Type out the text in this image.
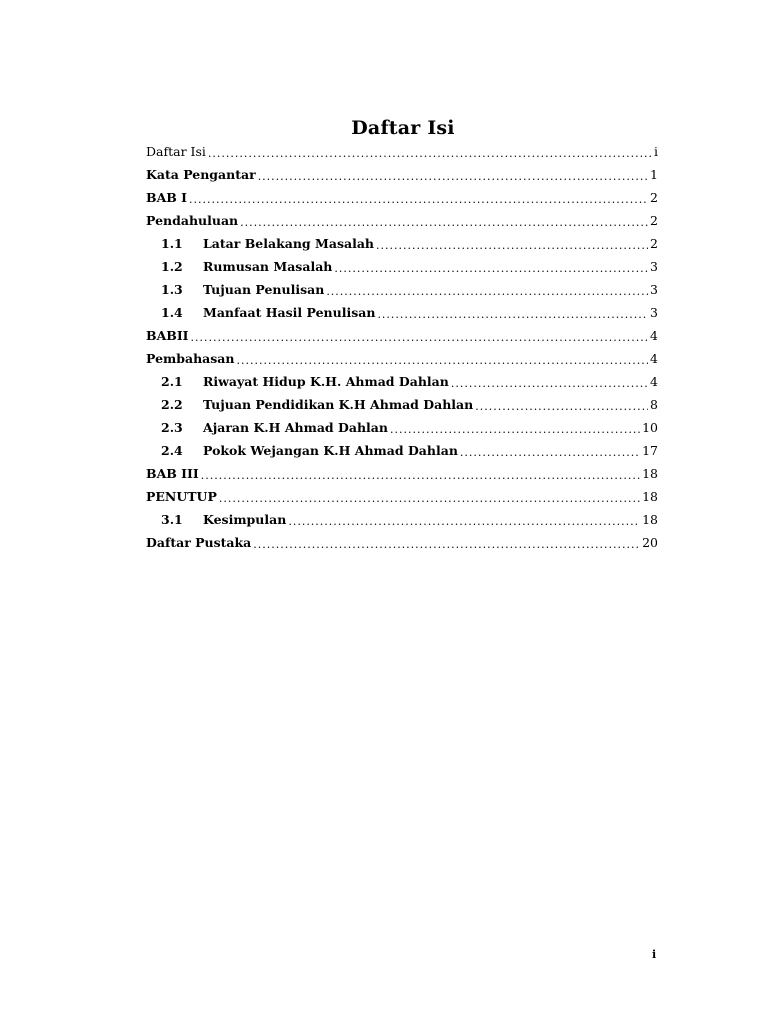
Daftar Isi
Daftar Isi .....	i
Kata Pengantar .....	1
BAB I .....	2
Pendahuluan .....	2
1.1	Latar Belakang Masalah .....	2
1.2	Rumusan Masalah .....	3
1.3	Tujuan Penulisan .....	3
1.4	Manfaat Hasil Penulisan .....	3
BABII .....	4
Pembahasan .....	4
2.1	Riwayat Hidup K.H. Ahmad Dahlan .....	4
2.2	Tujuan Pendidikan K.H Ahmad Dahlan .....	8
2.3	Ajaran K.H Ahmad Dahlan .....	10
2.4	Pokok Wejangan K.H Ahmad Dahlan .....	17
BAB III .....	18
PENUTUP .....	18
3.1	Kesimpulan .....	18
Daftar Pustaka .....	20
i
